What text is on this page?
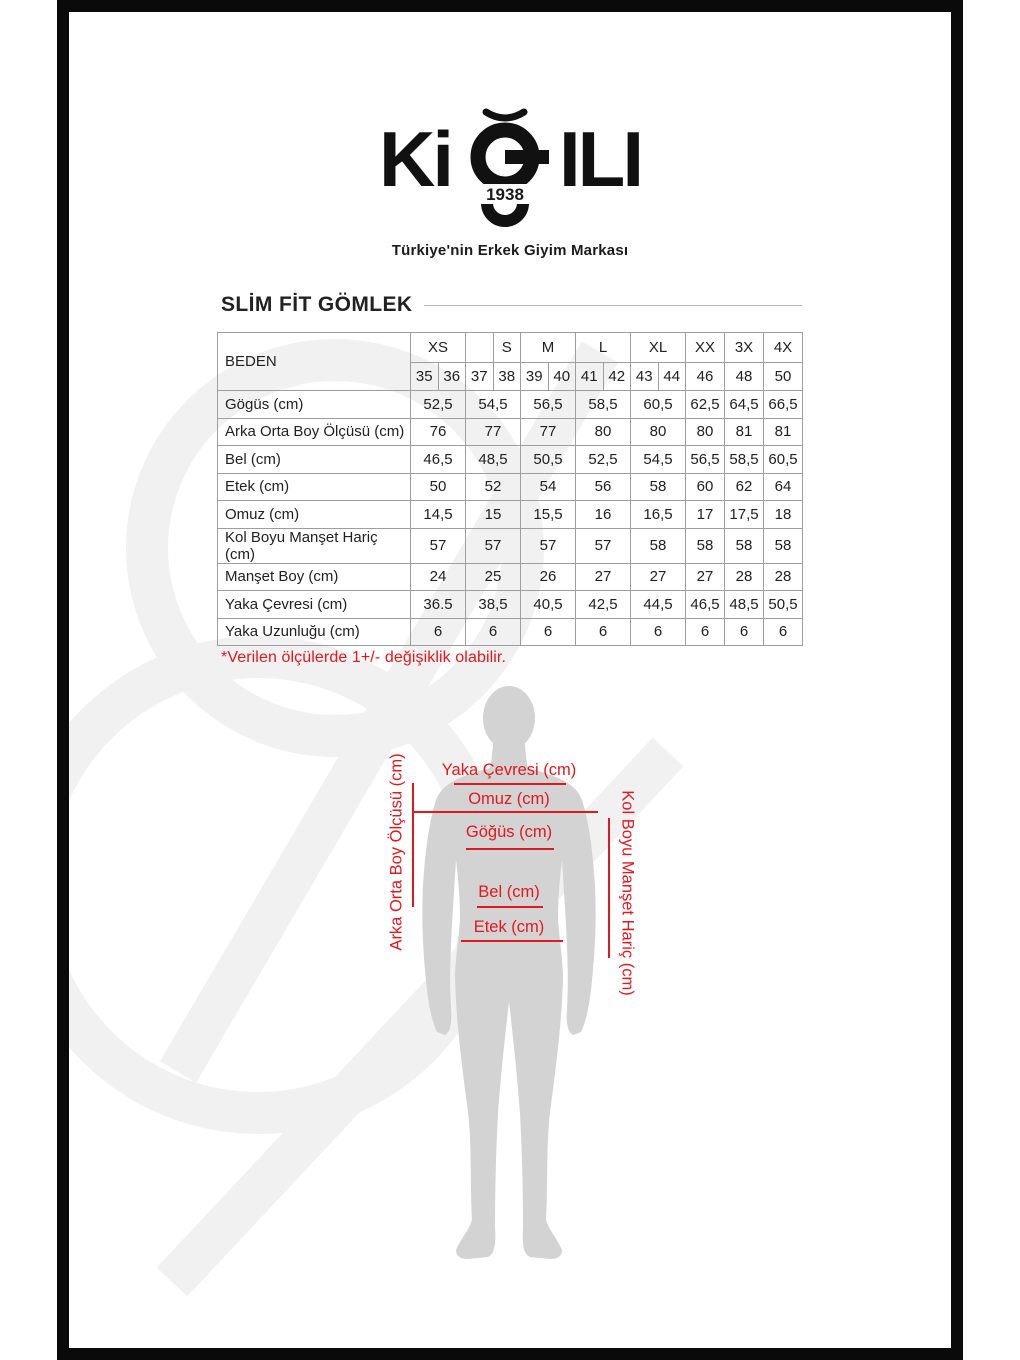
Ki 1938 ILI
Türkiye'nin Erkek Giyim Markası
SLİM FİT GÖMLEK
BEDEN	XS			S	M		L		XL		XX	3X	4X
	35	36	37	38	39	40	41	42	43	44	46	48	50
Gögüs (cm)	52,5		54,5		56,5		58,5		60,5		62,5	64,5	66,5
Arka Orta Boy Ölçüsü (cm)	76		77		77		80		80		80	81	81
Bel (cm)	46,5		48,5		50,5		52,5		54,5		56,5	58,5	60,5
Etek (cm)	50		52		54		56		58		60	62	64
Omuz (cm)	14,5		15		15,5		16		16,5		17	17,5	18
Kol Boyu Manşet Hariç (cm)	57		57		57		57		58		58	58	58
Manşet Boy (cm)	24		25		26		27		27		27	28	28
Yaka Çevresi (cm)	36.5		38,5		40,5		42,5		44,5		46,5	48,5	50,5
Yaka Uzunluğu (cm)	6		6		6		6		6		6	6	6
*Verilen ölçülerde 1+/- değişiklik olabilir.
Yaka Çevresi (cm)
Omuz (cm)
Göğüs (cm)
Bel (cm)
Etek (cm)
Arka Orta Boy Ölçüsü (cm)	Kol Boyu Manşet Hariç (cm)
